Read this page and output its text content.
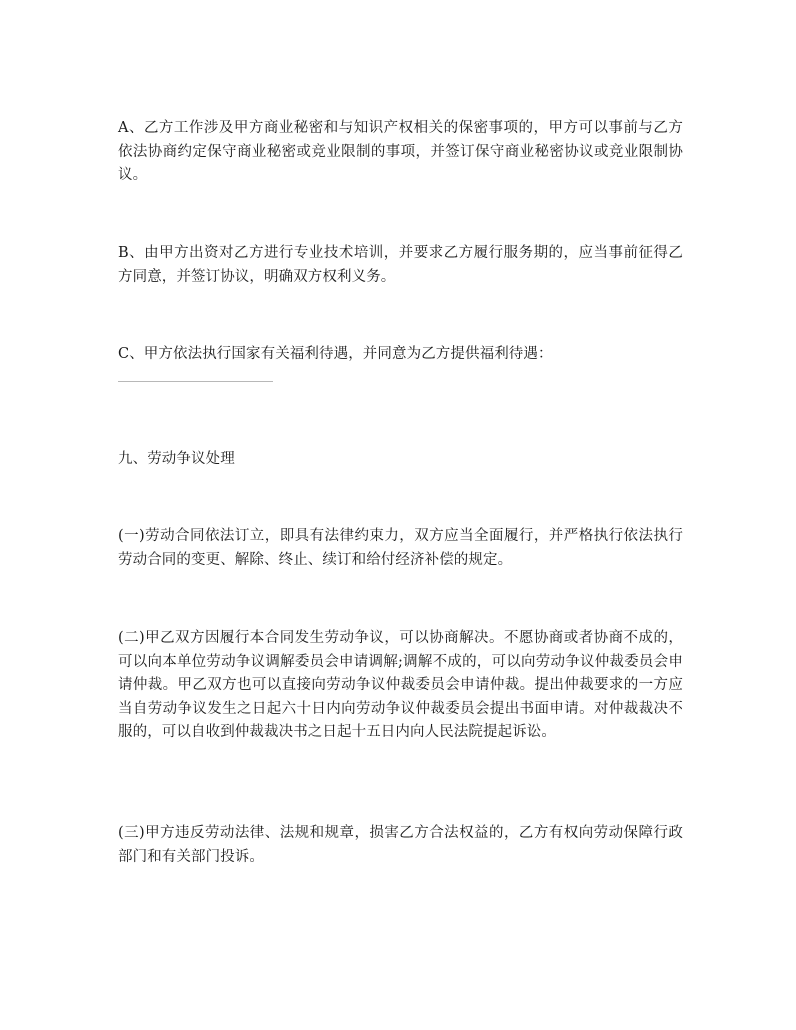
A、乙方工作涉及甲方商业秘密和与知识产权相关的保密事项的，甲方可以事前与乙方依法协商约定保守商业秘密或竞业限制的事项，并签订保守商业秘密协议或竞业限制协议。

B、由甲方出资对乙方进行专业技术培训，并要求乙方履行服务期的，应当事前征得乙方同意，并签订协议，明确双方权利义务。

C、甲方依法执行国家有关福利待遇，并同意为乙方提供福利待遇：

九、劳动争议处理

(一)劳动合同依法订立，即具有法律约束力，双方应当全面履行，并严格执行依法执行劳动合同的变更、解除、终止、续订和给付经济补偿的规定。

(二)甲乙双方因履行本合同发生劳动争议，可以协商解决。不愿协商或者协商不成的，可以向本单位劳动争议调解委员会申请调解;调解不成的，可以向劳动争议仲裁委员会申请仲裁。甲乙双方也可以直接向劳动争议仲裁委员会申请仲裁。提出仲裁要求的一方应当自劳动争议发生之日起六十日内向劳动争议仲裁委员会提出书面申请。对仲裁裁决不服的，可以自收到仲裁裁决书之日起十五日内向人民法院提起诉讼。

(三)甲方违反劳动法律、法规和规章，损害乙方合法权益的，乙方有权向劳动保障行政部门和有关部门投诉。
